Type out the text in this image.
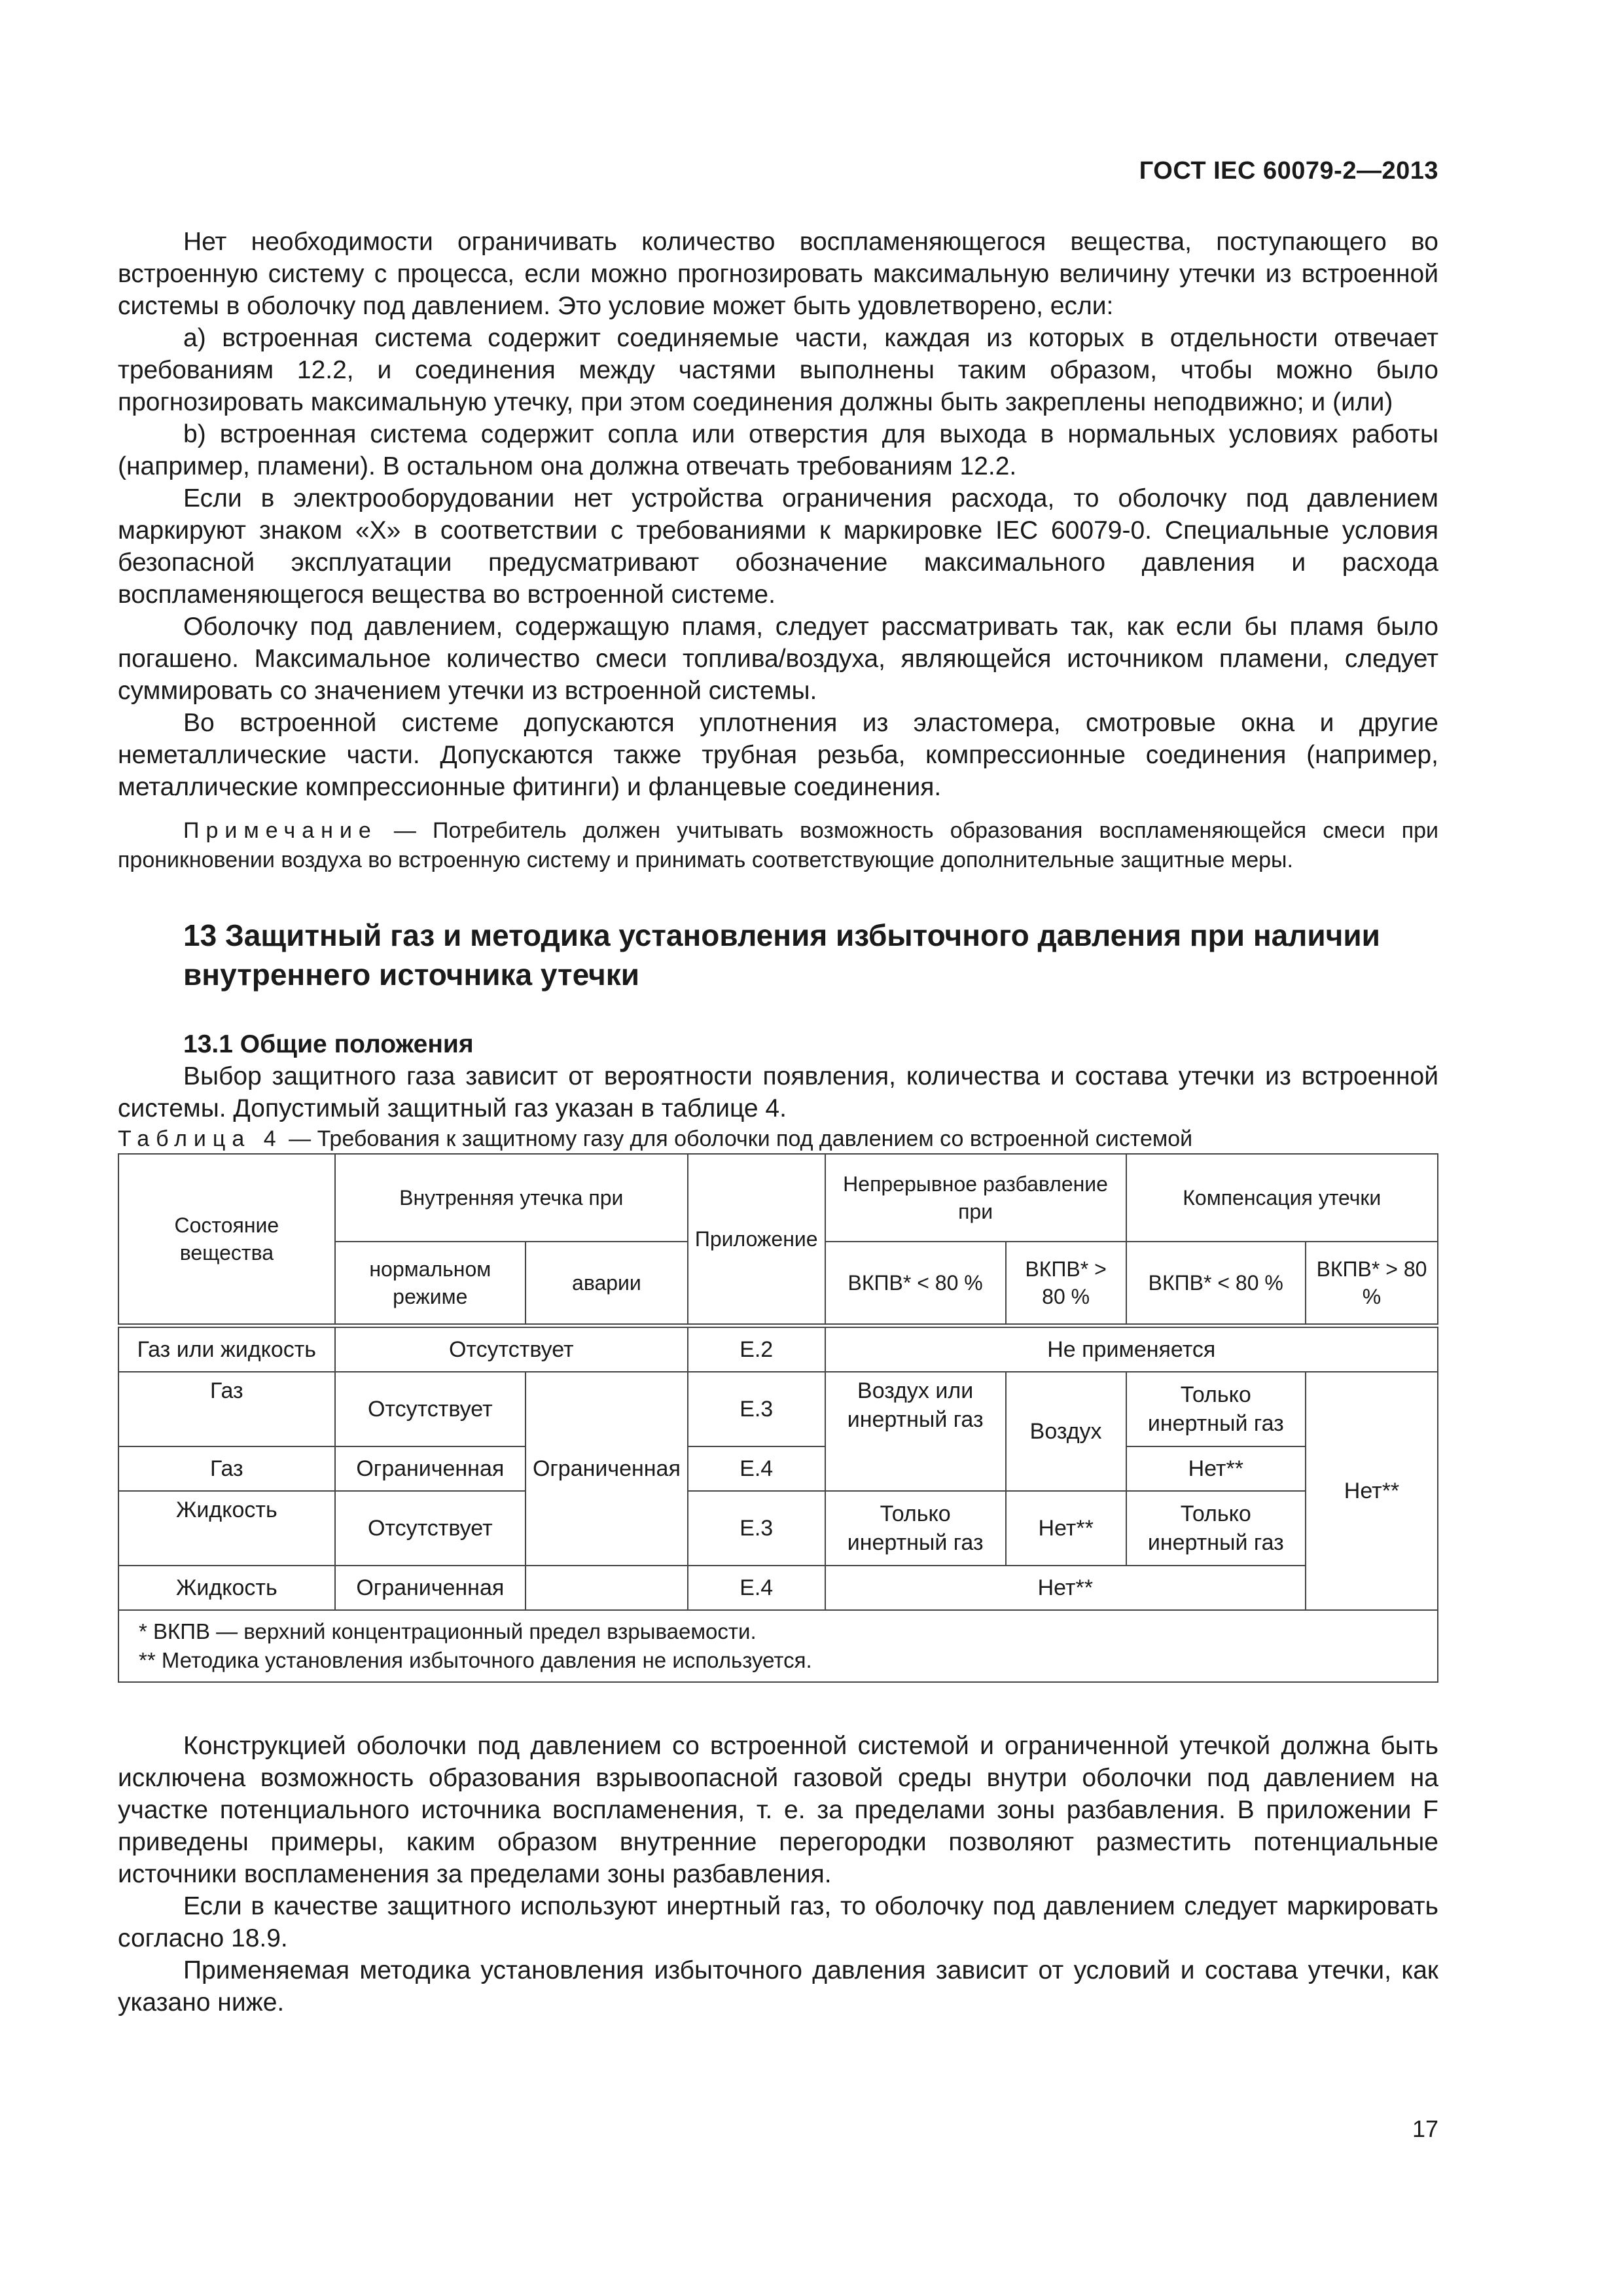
ГОСТ IEC 60079-2—2013

Нет необходимости ограничивать количество воспламеняющегося вещества, поступающего во встроенную систему с процесса, если можно прогнозировать максимальную величину утечки из встроенной системы в оболочку под давлением. Это условие может быть удовлетворено, если:

a) встроенная система содержит соединяемые части, каждая из которых в отдельности отвечает требованиям 12.2, и соединения между частями выполнены таким образом, чтобы можно было прогнозировать максимальную утечку, при этом соединения должны быть закреплены неподвижно; и (или)

b) встроенная система содержит сопла или отверстия для выхода в нормальных условиях работы (например, пламени). В остальном она должна отвечать требованиям 12.2.

Если в электрооборудовании нет устройства ограничения расхода, то оболочку под давлением маркируют знаком «X» в соответствии с требованиями к маркировке IEC 60079-0. Специальные условия безопасной эксплуатации предусматривают обозначение максимального давления и расхода воспламеняющегося вещества во встроенной системе.

Оболочку под давлением, содержащую пламя, следует рассматривать так, как если бы пламя было погашено. Максимальное количество смеси топлива/воздуха, являющейся источником пламени, следует суммировать со значением утечки из встроенной системы.

Во встроенной системе допускаются уплотнения из эластомера, смотровые окна и другие неметаллические части. Допускаются также трубная резьба, компрессионные соединения (например, металлические компрессионные фитинги) и фланцевые соединения.

Примечание — Потребитель должен учитывать возможность образования воспламеняющейся смеси при проникновении воздуха во встроенную систему и принимать соответствующие дополнительные защитные меры.

13 Защитный газ и методика установления избыточного давления при наличии внутреннего источника утечки
13.1 Общие положения

Выбор защитного газа зависит от вероятности появления, количества и состава утечки из встроенной системы. Допустимый защитный газ указан в таблице 4.

Таблица 4 — Требования к защитному газу для оболочки под давлением со встроенной системой

Состояние вещества	Внутренняя утечка при		Приложение	Непрерывное разбавление при		Компенсация утечки	
	нормальном режиме	аварии		ВКПВ* < 80 %	ВКПВ* > 80 %	ВКПВ* < 80 %	ВКПВ* > 80 %
Газ или жидкость	Отсутствует		E.2	Не применяется			
Газ	Отсутствует	Ограниченная	E.3	Воздух или инертный газ	Воздух	Только инертный газ	Нет**
Газ	Ограниченная		E.4			Нет**	
Жидкость	Отсутствует		E.3	Только инертный газ	Нет**	Только инертный газ	
Жидкость	Ограниченная		E.4	Нет**			

* ВКПВ — верхний концентрационный предел взрываемости.
** Методика установления избыточного давления не используется.							

Конструкцией оболочки под давлением со встроенной системой и ограниченной утечкой должна быть исключена возможность образования взрывоопасной газовой среды внутри оболочки под давлением на участке потенциального источника воспламенения, т. е. за пределами зоны разбавления. В приложении F приведены примеры, каким образом внутренние перегородки позволяют разместить потенциальные источники воспламенения за пределами зоны разбавления.

Если в качестве защитного используют инертный газ, то оболочку под давлением следует маркировать согласно 18.9.

Применяемая методика установления избыточного давления зависит от условий и состава утечки, как указано ниже.

17
